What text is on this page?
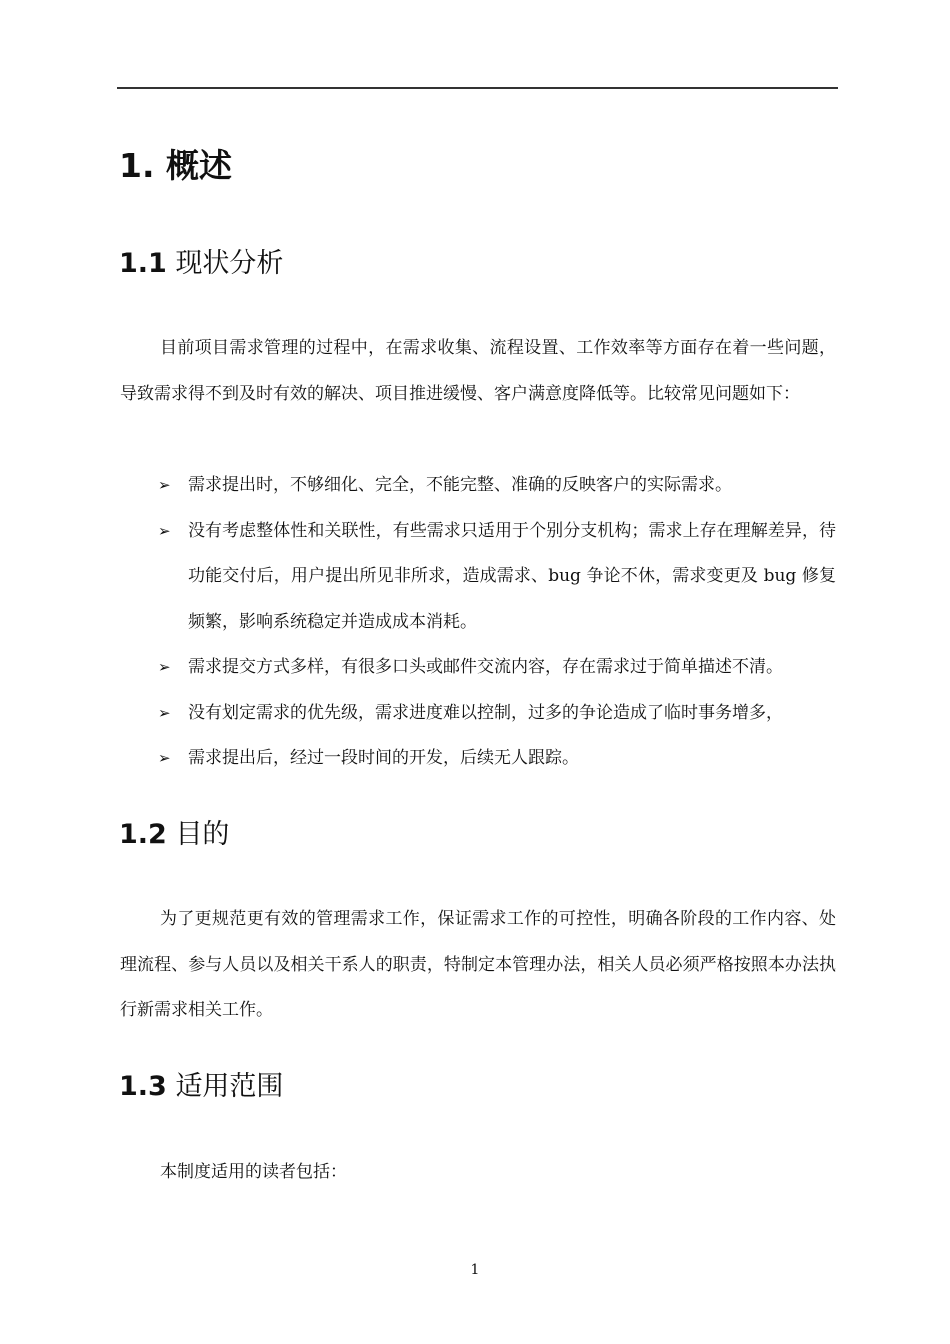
1. 概述
1.1 现状分析

目前项目需求管理的过程中，在需求收集、流程设置、工作效率等方面存在着一些问题，导致需求得不到及时有效的解决、项目推进缓慢、客户满意度降低等。比较常见问题如下：

➢ 需求提出时，不够细化、完全，不能完整、准确的反映客户的实际需求。
➢ 没有考虑整体性和关联性，有些需求只适用于个别分支机构；需求上存在理解差异，待功能交付后，用户提出所见非所求，造成需求、bug 争论不休，需求变更及 bug 修复频繁，影响系统稳定并造成成本消耗。
➢ 需求提交方式多样，有很多口头或邮件交流内容，存在需求过于简单描述不清。
➢ 没有划定需求的优先级，需求进度难以控制，过多的争论造成了临时事务增多，
➢ 需求提出后，经过一段时间的开发，后续无人跟踪。
1.2 目的

为了更规范更有效的管理需求工作，保证需求工作的可控性，明确各阶段的工作内容、处理流程、参与人员以及相关干系人的职责，特制定本管理办法，相关人员必须严格按照本办法执行新需求相关工作。

1.3 适用范围

本制度适用的读者包括：

1
